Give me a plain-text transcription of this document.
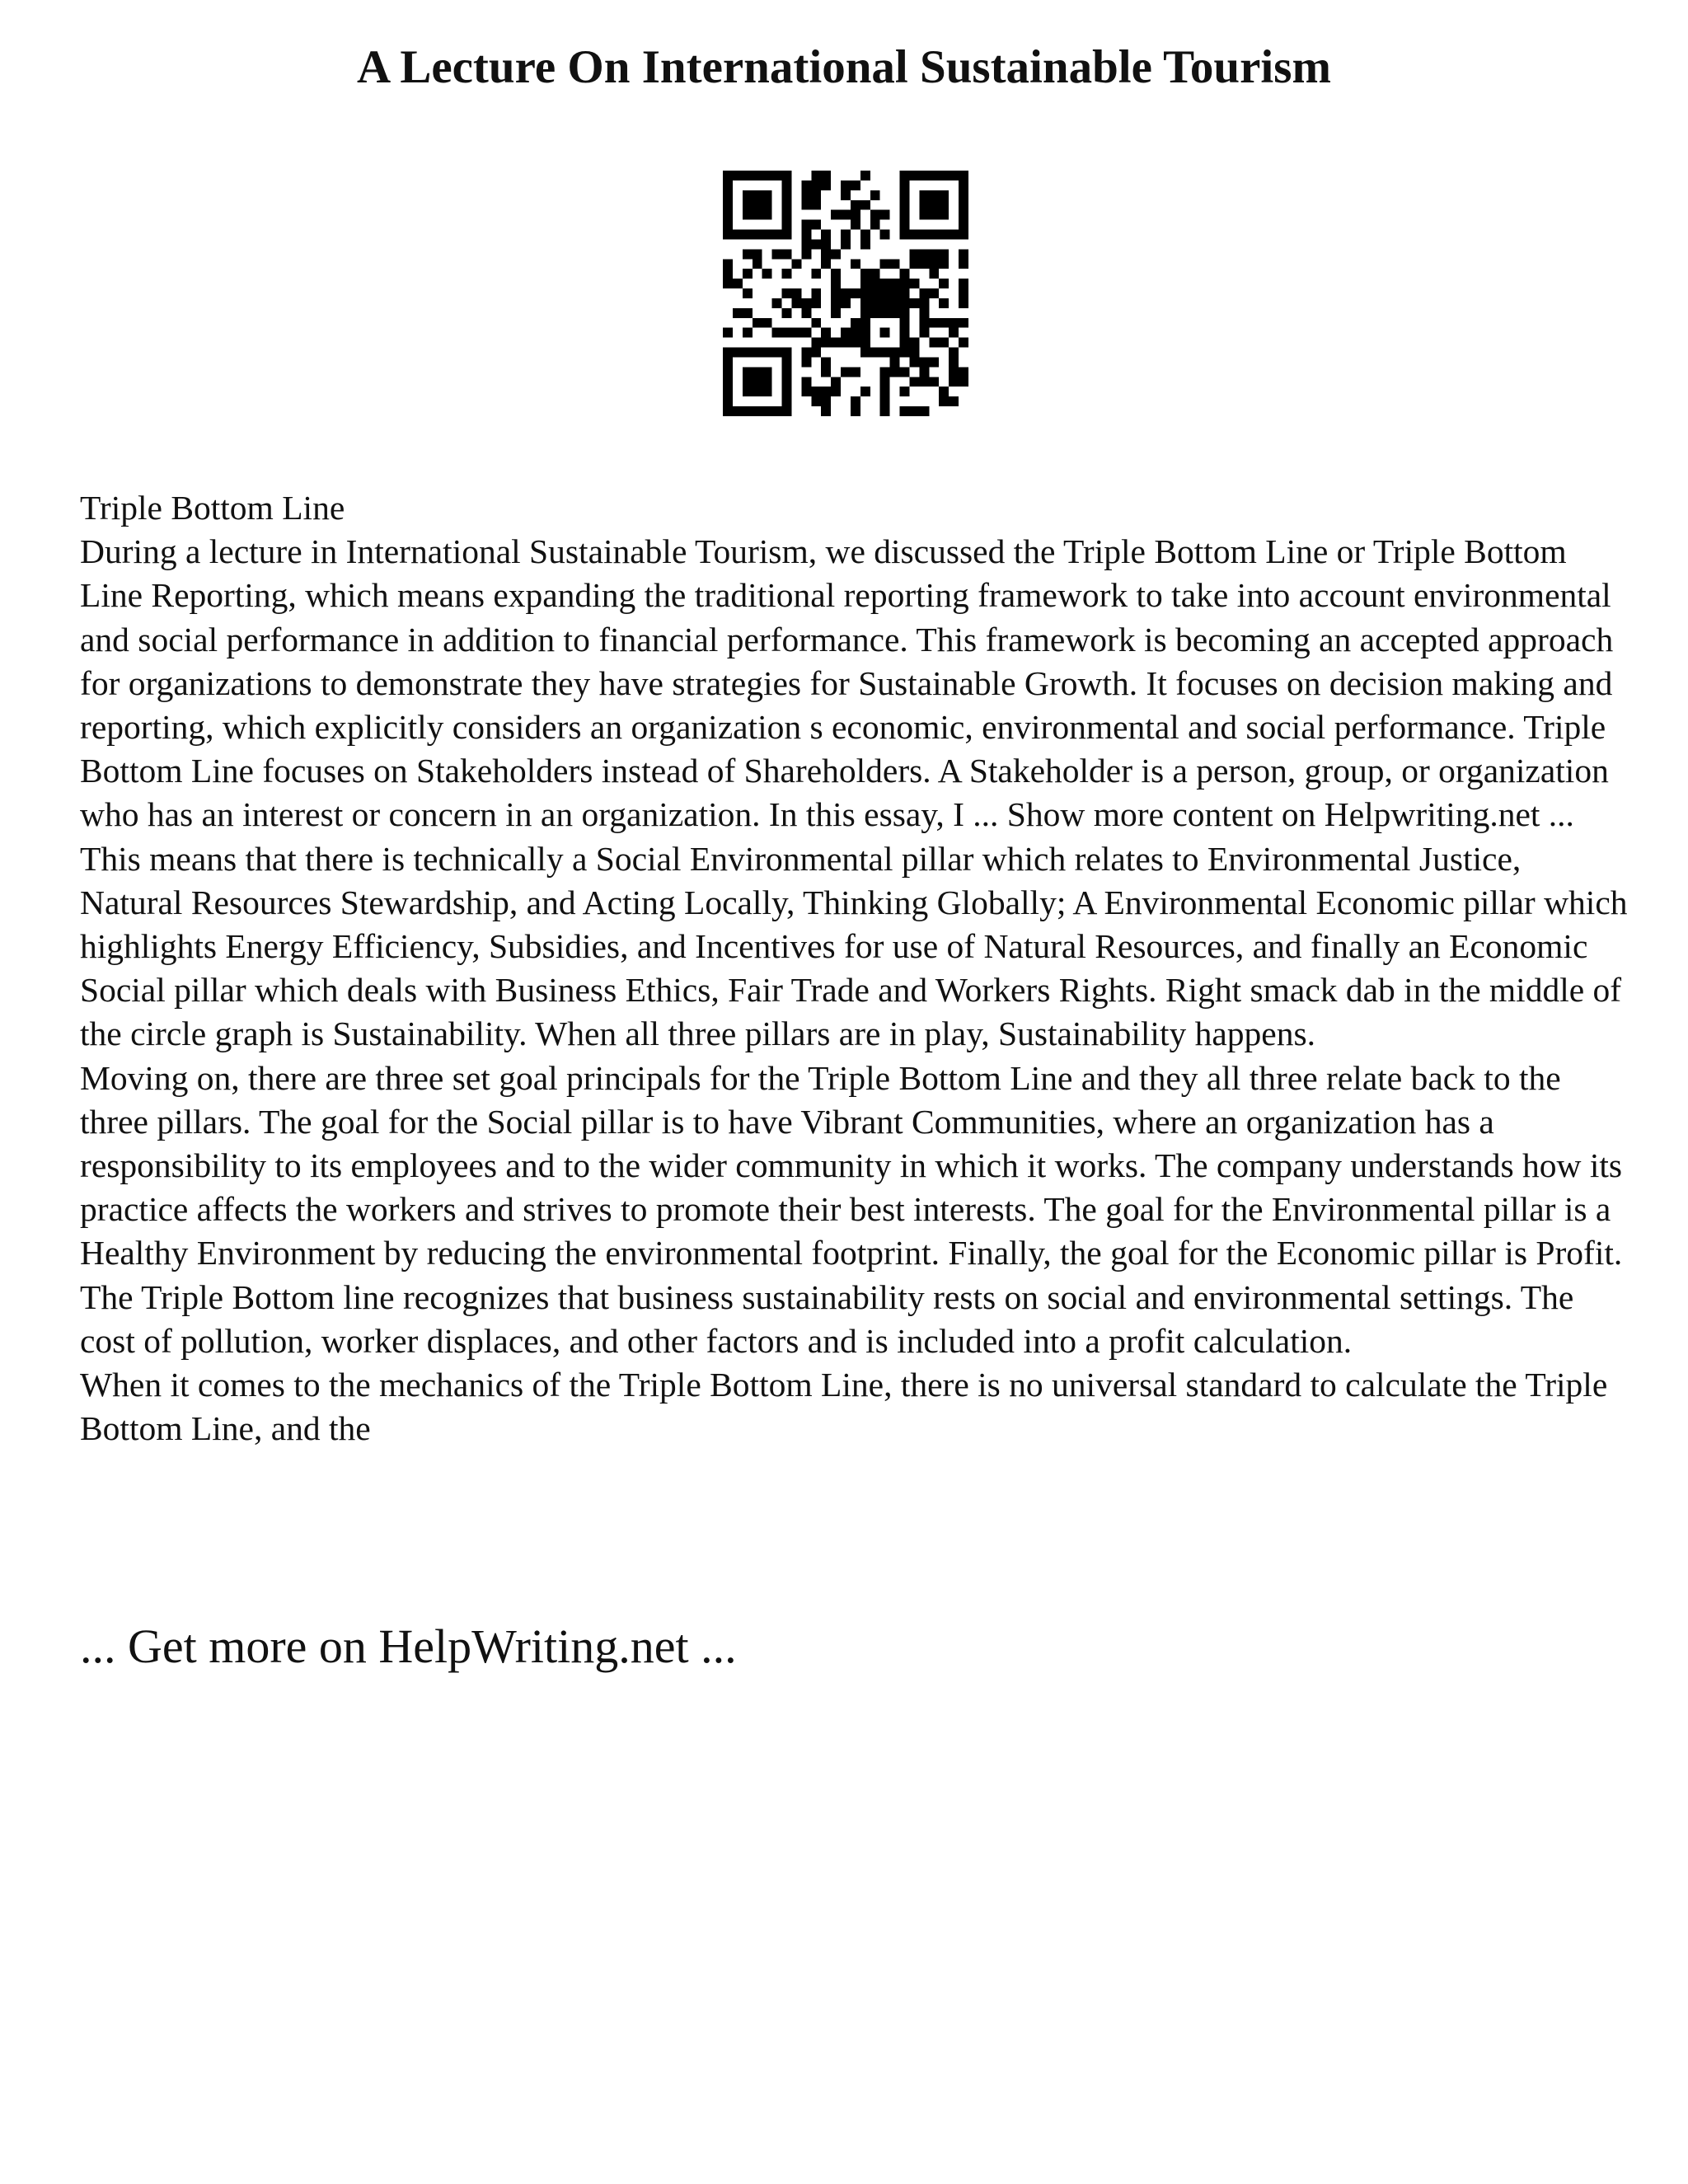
A Lecture On International Sustainable Tourism

Triple Bottom Line

During a lecture in International Sustainable Tourism, we discussed the Triple Bottom Line or Triple Bottom Line Reporting, which means expanding the traditional reporting framework to take into account environmental and social performance in addition to financial performance. This framework is becoming an accepted approach for organizations to demonstrate they have strategies for Sustainable Growth. It focuses on decision making and reporting, which explicitly considers an organization s economic, environmental and social performance. Triple Bottom Line focuses on Stakeholders instead of Shareholders. A Stakeholder is a person, group, or organization who has an interest or concern in an organization. In this essay, I ... Show more content on Helpwriting.net ... This means that there is technically a Social Environmental pillar which relates to Environmental Justice, Natural Resources Stewardship, and Acting Locally, Thinking Globally; A Environmental Economic pillar which highlights Energy Efficiency, Subsidies, and Incentives for use of Natural Resources, and finally an Economic Social pillar which deals with Business Ethics, Fair Trade and Workers Rights. Right smack dab in the middle of the circle graph is Sustainability. When all three pillars are in play, Sustainability happens.

Moving on, there are three set goal principals for the Triple Bottom Line and they all three relate back to the three pillars. The goal for the Social pillar is to have Vibrant Communities, where an organization has a responsibility to its employees and to the wider community in which it works. The company understands how its practice affects the workers and strives to promote their best interests. The goal for the Environmental pillar is a Healthy Environment by reducing the environmental footprint. Finally, the goal for the Economic pillar is Profit. The Triple Bottom line recognizes that business sustainability rests on social and environmental settings. The cost of pollution, worker displaces, and other factors and is included into a profit calculation.

When it comes to the mechanics of the Triple Bottom Line, there is no universal standard to calculate the Triple Bottom Line, and the

... Get more on HelpWriting.net ...
